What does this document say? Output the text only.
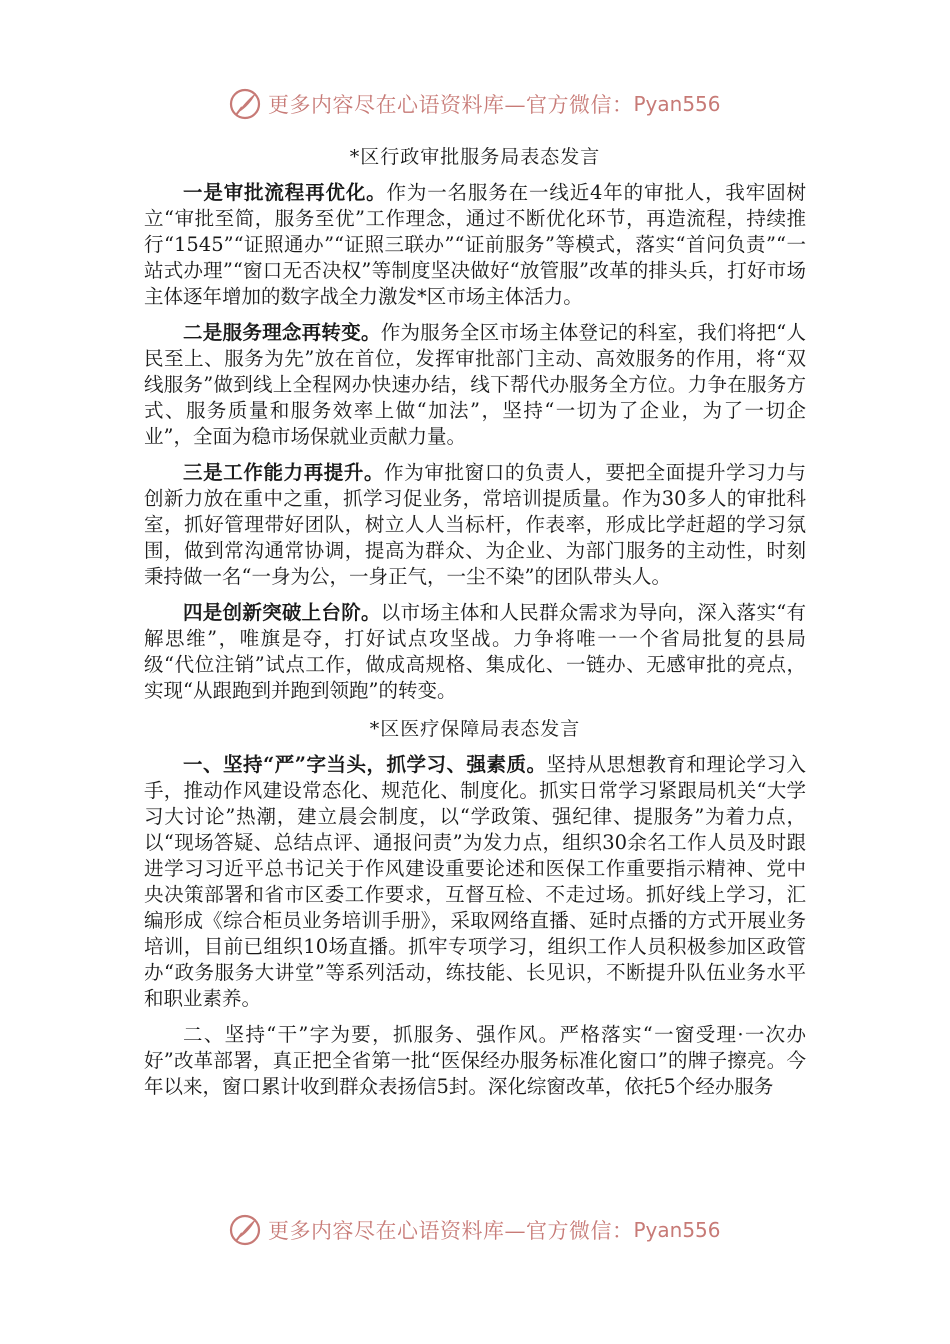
更多内容尽在心语资料库—官方微信： Pyan556
*区行政审批服务局表态发言

一是审批流程再优化。作为一名服务在一线近4年的审批人，我牢固树立“审批至简，服务至优”工作理念，通过不断优化环节，再造流程，持续推行“1545”“证照通办”“证照三联办”“证前服务”等模式，落实“首问负责”“一站式办理”“窗口无否决权”等制度坚决做好“放管服”改革的排头兵，打好市场主体逐年增加的数字战全力激发*区市场主体活力。

二是服务理念再转变。作为服务全区市场主体登记的科室，我们将把“人民至上、服务为先”放在首位，发挥审批部门主动、高效服务的作用，将“双线服务”做到线上全程网办快速办结，线下帮代办服务全方位。力争在服务方式、服务质量和服务效率上做“加法”，坚持“一切为了企业，为了一切企业”，全面为稳市场保就业贡献力量。

三是工作能力再提升。作为审批窗口的负责人，要把全面提升学习力与创新力放在重中之重，抓学习促业务，常培训提质量。作为30多人的审批科室，抓好管理带好团队，树立人人当标杆，作表率，形成比学赶超的学习氛围，做到常沟通常协调，提高为群众、为企业、为部门服务的主动性，时刻秉持做一名“一身为公，一身正气，一尘不染”的团队带头人。

四是创新突破上台阶。以市场主体和人民群众需求为导向，深入落实“有解思维”，唯旗是夺，打好试点攻坚战。力争将唯一一个省局批复的县局级“代位注销”试点工作，做成高规格、集成化、一链办、无感审批的亮点，实现“从跟跑到并跑到领跑”的转变。

*区医疗保障局表态发言

一、坚持“严”字当头，抓学习、强素质。坚持从思想教育和理论学习入手，推动作风建设常态化、规范化、制度化。抓实日常学习紧跟局机关“大学习大讨论”热潮，建立晨会制度，以“学政策、强纪律、提服务”为着力点，以“现场答疑、总结点评、通报问责”为发力点，组织30余名工作人员及时跟进学习习近平总书记关于作风建设重要论述和医保工作重要指示精神、党中央决策部署和省市区委工作要求，互督互检、不走过场。抓好线上学习，汇编形成《综合柜员业务培训手册》，采取网络直播、延时点播的方式开展业务培训，目前已组织10场直播。抓牢专项学习，组织工作人员积极参加区政管办“政务服务大讲堂”等系列活动，练技能、长见识，不断提升队伍业务水平和职业素养。

二、坚持“干”字为要，抓服务、强作风。严格落实“一窗受理·一次办好”改革部署，真正把全省第一批“医保经办服务标准化窗口”的牌子擦亮。今年以来，窗口累计收到群众表扬信5封。深化综窗改革，依托5个经办服务

更多内容尽在心语资料库—官方微信： Pyan556
